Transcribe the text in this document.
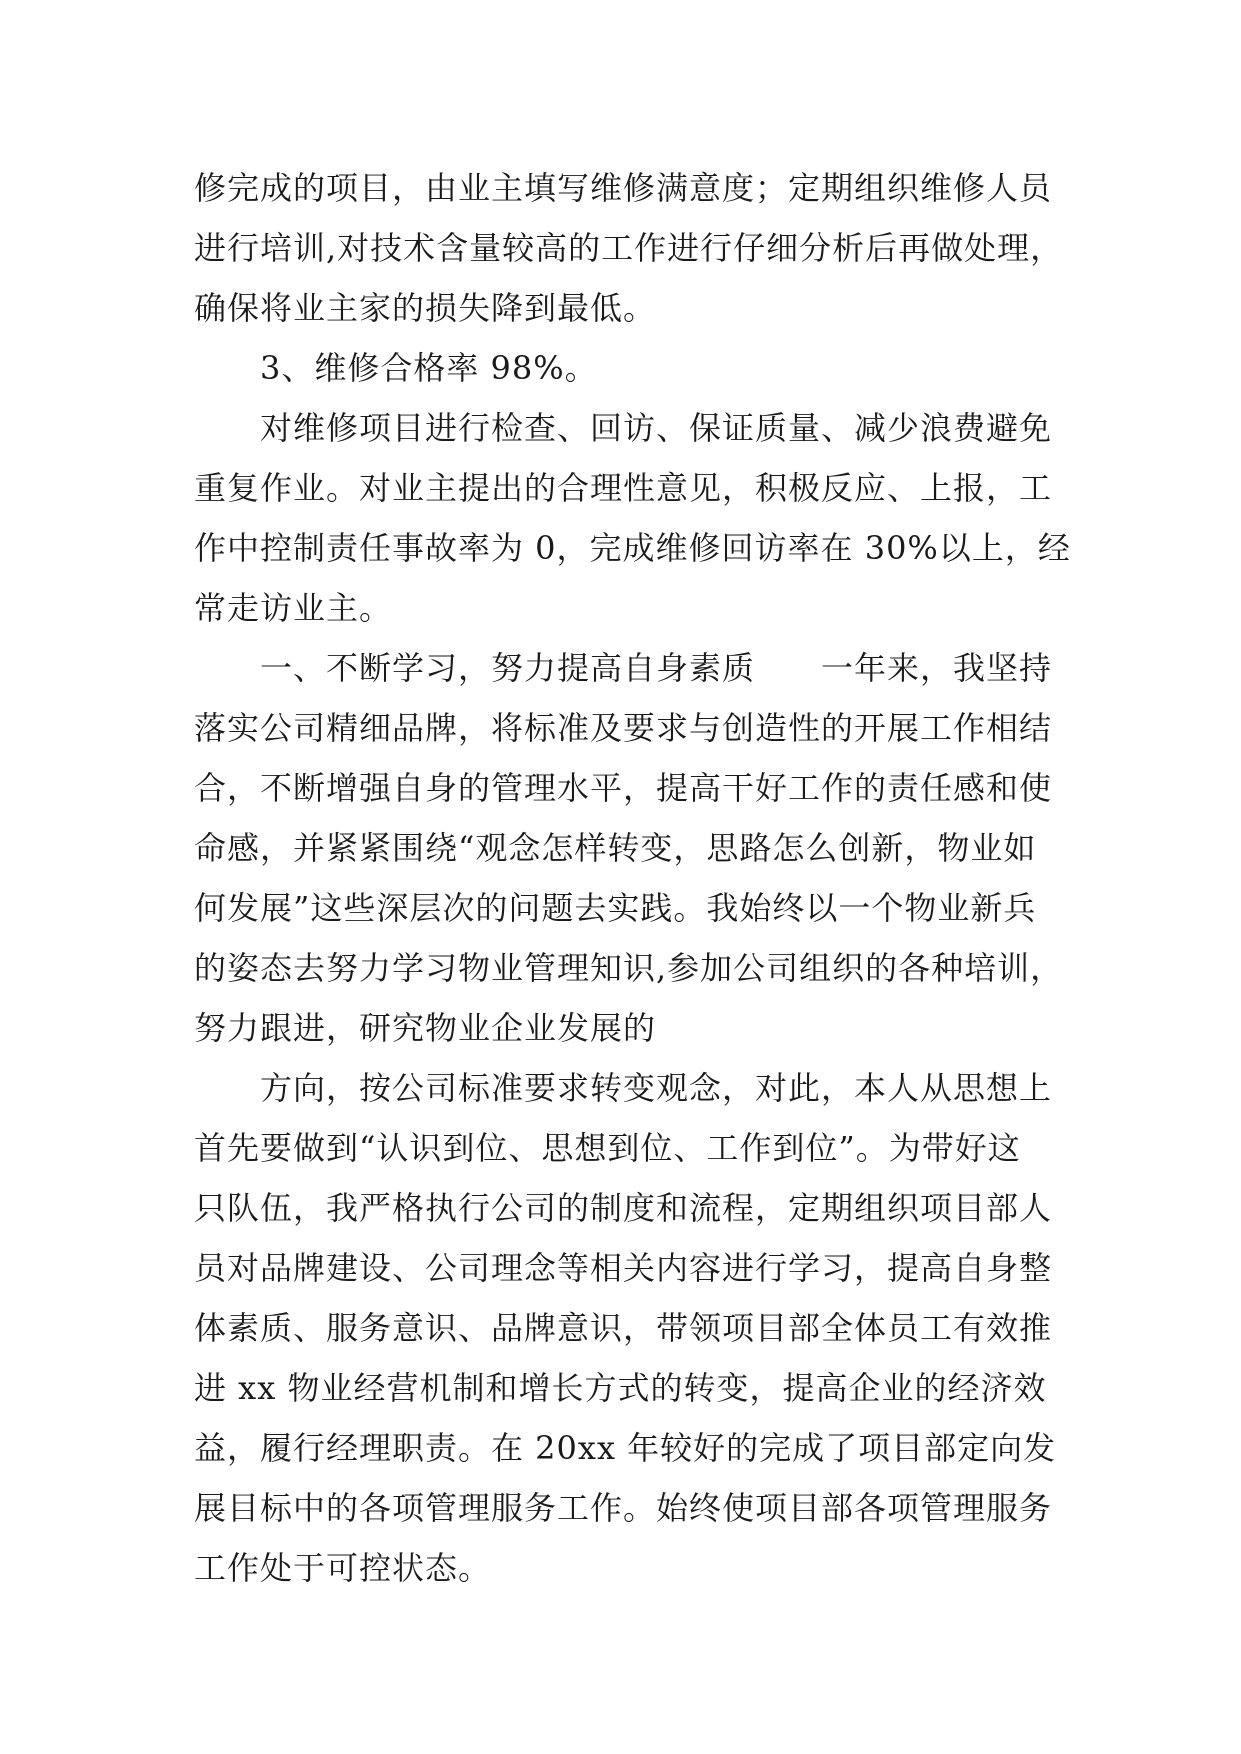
修完成的项目，由业主填写维修满意度；定期组织维修人员
进行培训,对技术含量较高的工作进行仔细分析后再做处理，
确保将业主家的损失降到最低。
　　3、维修合格率 98%。
　　对维修项目进行检查、回访、保证质量、减少浪费避免
重复作业。对业主提出的合理性意见，积极反应、上报，工
作中控制责任事故率为 0，完成维修回访率在 30%以上，经
常走访业主。
　　一、不断学习，努力提高自身素质　　一年来，我坚持
落实公司精细品牌，将标准及要求与创造性的开展工作相结
合，不断增强自身的管理水平，提高干好工作的责任感和使
命感，并紧紧围绕“观念怎样转变，思路怎么创新，物业如
何发展”这些深层次的问题去实践。我始终以一个物业新兵
的姿态去努力学习物业管理知识,参加公司组织的各种培训，
努力跟进，研究物业企业发展的
　　方向，按公司标准要求转变观念，对此，本人从思想上
首先要做到“认识到位、思想到位、工作到位”。为带好这
只队伍，我严格执行公司的制度和流程，定期组织项目部人
员对品牌建设、公司理念等相关内容进行学习，提高自身整
体素质、服务意识、品牌意识，带领项目部全体员工有效推
进 xx 物业经营机制和增长方式的转变，提高企业的经济效
益，履行经理职责。在 20xx 年较好的完成了项目部定向发
展目标中的各项管理服务工作。始终使项目部各项管理服务
工作处于可控状态。
